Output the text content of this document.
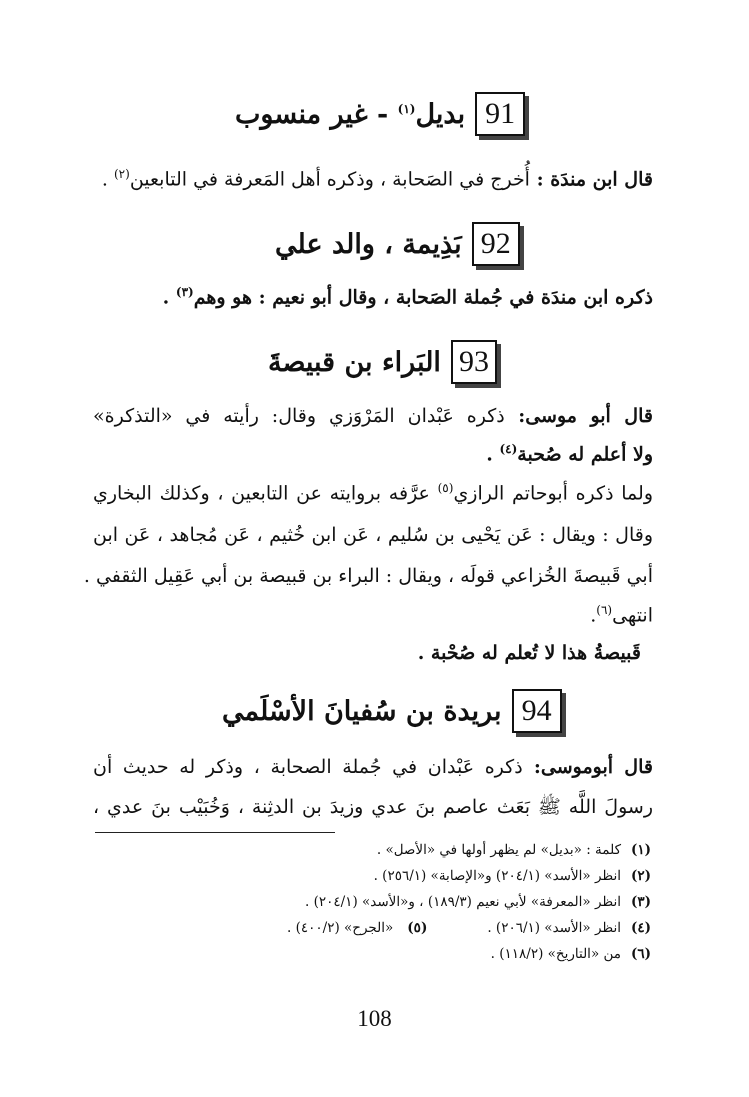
91
بديل$^{(١)}$ - غير منسوب
قال ابن مندَة : أُخرج في الصَحابة ، وذكره أهل المَعرفة في التابعين$^{(٢)}$ .
92
بَذِيمة ، والد علي
ذكره ابن مندَة في جُملة الصَحابة ، وقال أبو نعيم : هو وهم$^{(٣)}$ .
93
البَراء بن قبيصةَ
قال أبو موسى: ذكره عَبْدان المَرْوَزي وقال: رأيته في «التذكرة»
ولا أعلم له صُحبة$^{(٤)}$ .
ولما ذكره أبوحاتم الرازي$^{(٥)}$ عرَّفه بروايته عن التابعين ، وكذلك البخاري
وقال : ويقال : عَن يَحْيى بن سُليم ، عَن ابن خُثيم ، عَن مُجاهد ، عَن ابن
أبي قَبيصةَ الخُزاعي قولَه ، ويقال : البراء بن قبيصة بن أبي عَقِيل الثقفي .
انتهى$^{(٦)}$.
قَبيصةُ هذا لا تُعلم له صُحْبة .
94
بريدة بن سُفيانَ الأسْلَمي
قال أبوموسى: ذكره عَبْدان في جُملة الصحابة ، وذكر له حديث أن
رسولَ اللَّه ﷺ بَعَث عاصم بنَ عدي وزيدَ بن الدثِنة ، وَخُبَيْب بنَ عدي ،
(١)كلمة : «بديل» لم يظهر أولها في «الأصل» .
(٢)انظر «الأسد» (٢٠٤/١) و«الإصابة» (٢٥٦/١) .
(٣)انظر «المعرفة» لأبي نعيم (١٨٩/٣) ، و«الأسد» (٢٠٤/١) .
(٤)انظر «الأسد» (٢٠٦/١) .(٥)«الجرح» (٤٠٠/٢) .
(٦)من «التاريخ» (١١٨/٢) .
108
